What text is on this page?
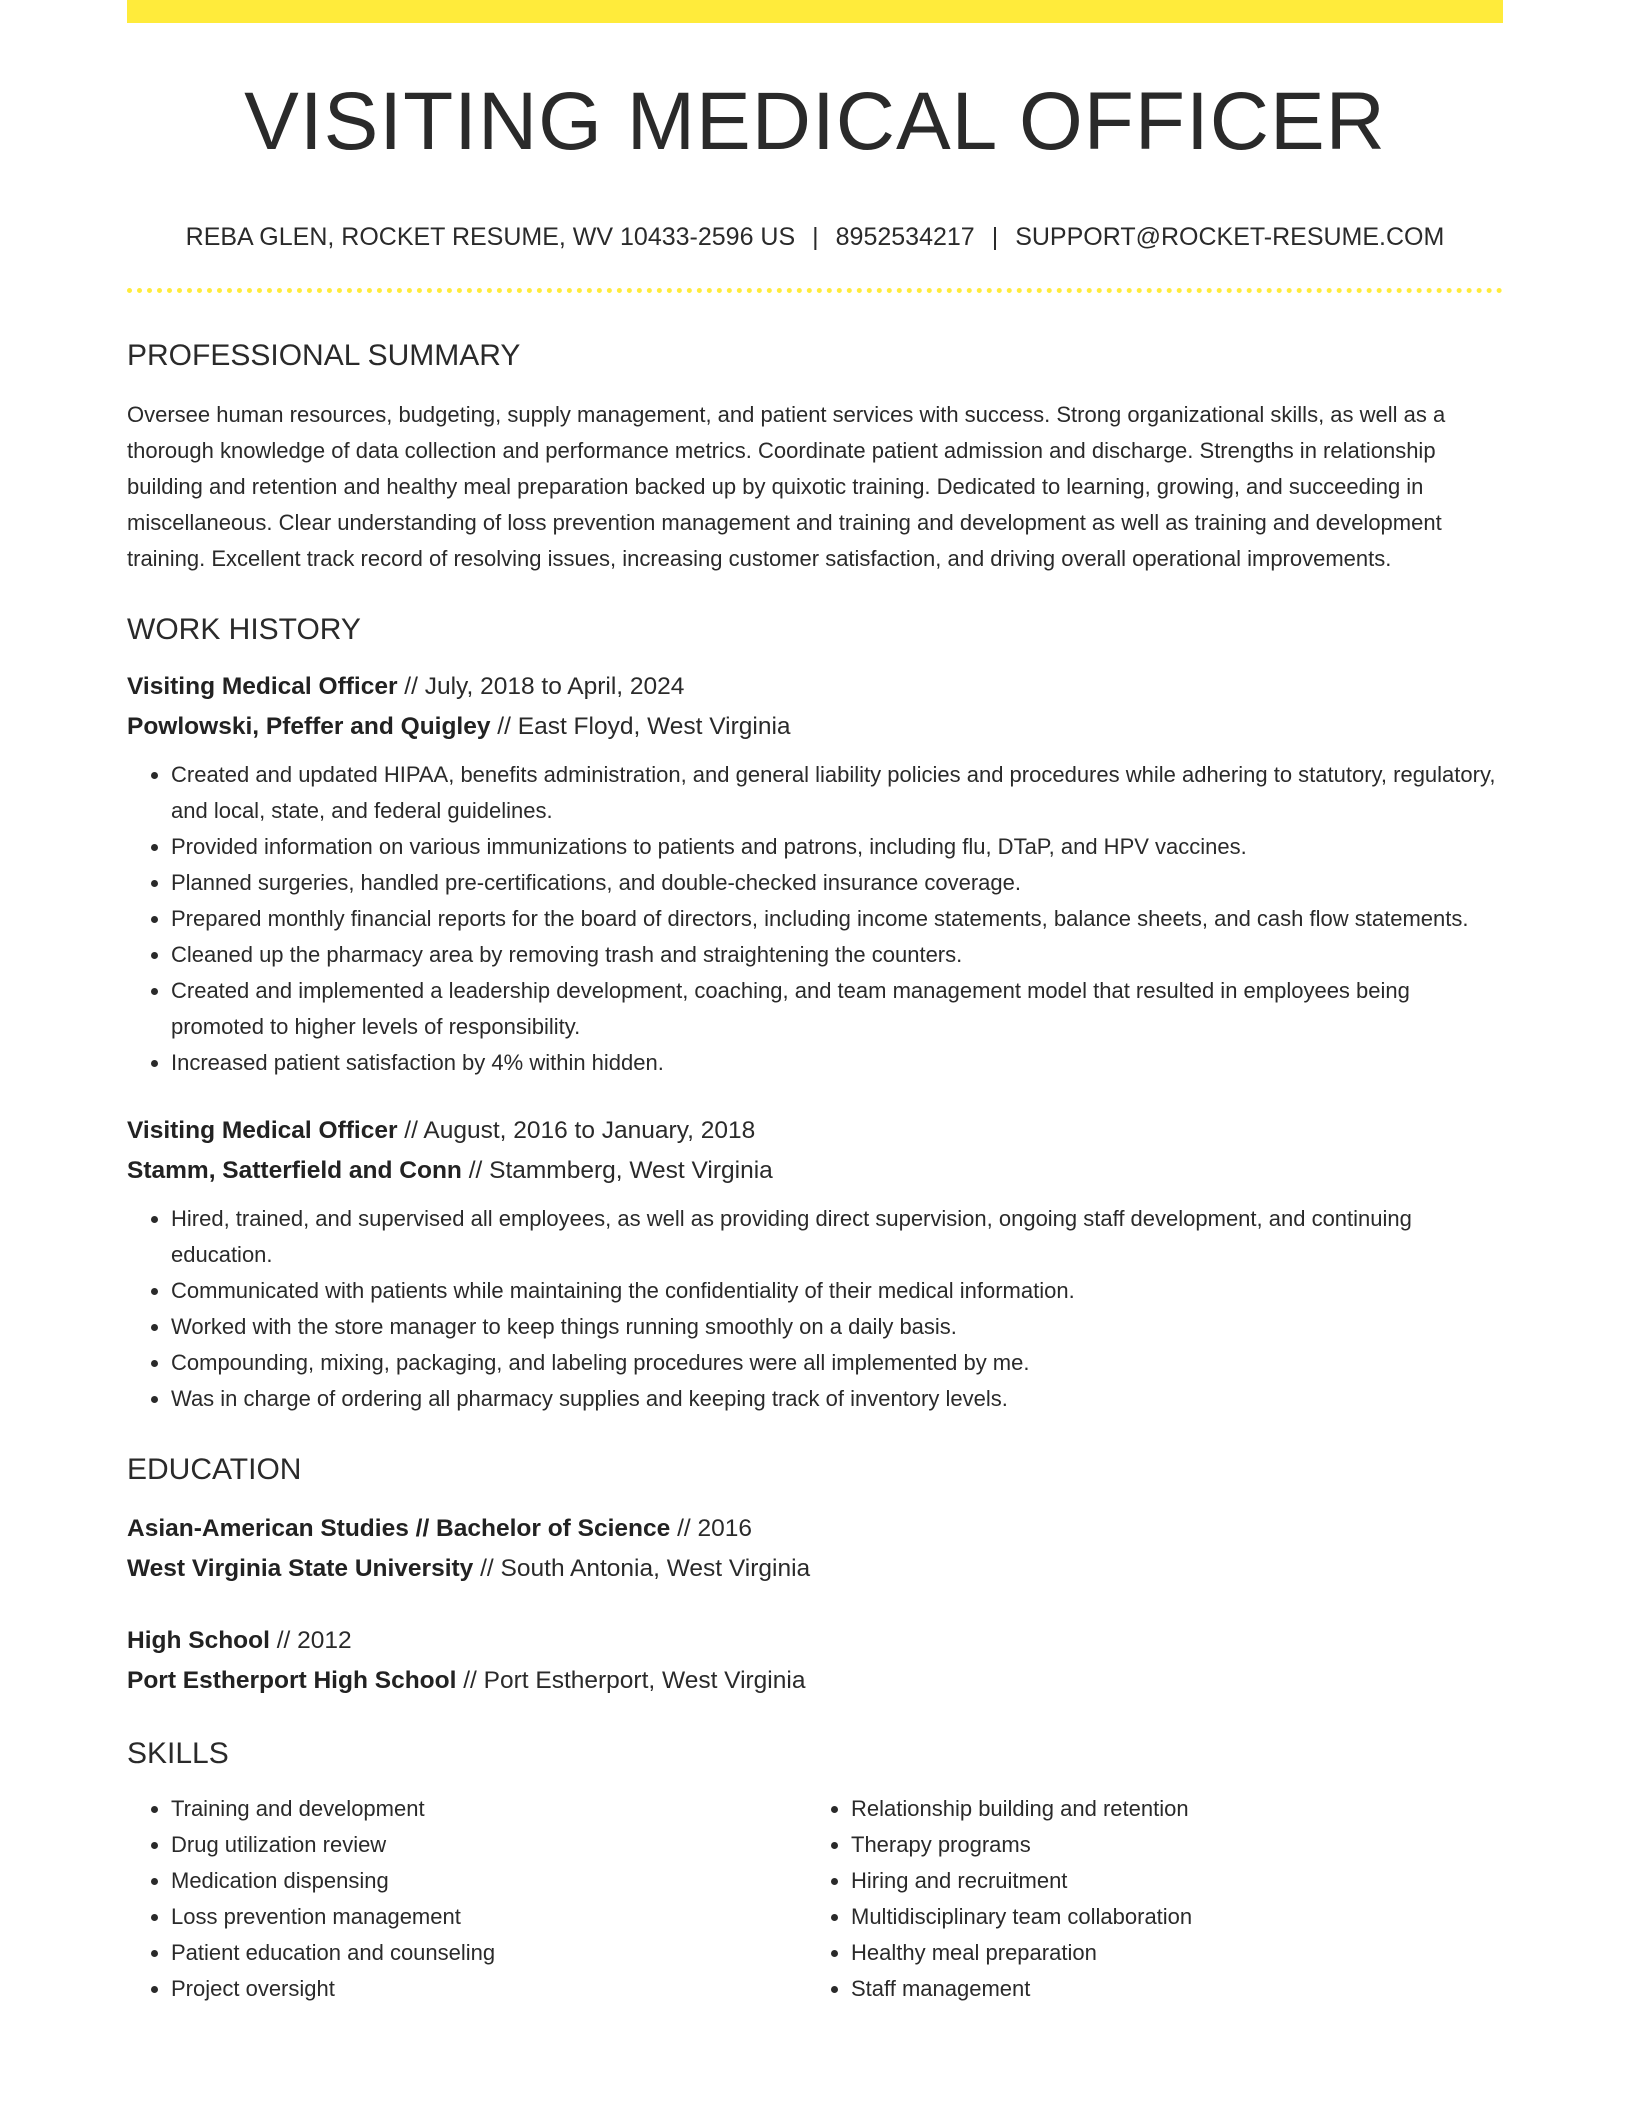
VISITING MEDICAL OFFICER
REBA GLEN, ROCKET RESUME, WV 10433-2596 US | 8952534217 | SUPPORT@ROCKET-RESUME.COM
PROFESSIONAL SUMMARY
Oversee human resources, budgeting, supply management, and patient services with success. Strong organizational skills, as well as a thorough knowledge of data collection and performance metrics. Coordinate patient admission and discharge. Strengths in relationship building and retention and healthy meal preparation backed up by quixotic training. Dedicated to learning, growing, and succeeding in miscellaneous. Clear understanding of loss prevention management and training and development as well as training and development training. Excellent track record of resolving issues, increasing customer satisfaction, and driving overall operational improvements.
WORK HISTORY
Visiting Medical Officer // July, 2018 to April, 2024
Powlowski, Pfeffer and Quigley // East Floyd, West Virginia
• Created and updated HIPAA, benefits administration, and general liability policies and procedures while adhering to statutory, regulatory, and local, state, and federal guidelines.
• Provided information on various immunizations to patients and patrons, including flu, DTaP, and HPV vaccines.
• Planned surgeries, handled pre-certifications, and double-checked insurance coverage.
• Prepared monthly financial reports for the board of directors, including income statements, balance sheets, and cash flow statements.
• Cleaned up the pharmacy area by removing trash and straightening the counters.
• Created and implemented a leadership development, coaching, and team management model that resulted in employees being promoted to higher levels of responsibility.
• Increased patient satisfaction by 4% within hidden.
Visiting Medical Officer // August, 2016 to January, 2018
Stamm, Satterfield and Conn // Stammberg, West Virginia
• Hired, trained, and supervised all employees, as well as providing direct supervision, ongoing staff development, and continuing education.
• Communicated with patients while maintaining the confidentiality of their medical information.
• Worked with the store manager to keep things running smoothly on a daily basis.
• Compounding, mixing, packaging, and labeling procedures were all implemented by me.
• Was in charge of ordering all pharmacy supplies and keeping track of inventory levels.
EDUCATION
Asian-American Studies // Bachelor of Science // 2016
West Virginia State University // South Antonia, West Virginia
High School // 2012
Port Estherport High School // Port Estherport, West Virginia
SKILLS
• Training and development
• Drug utilization review
• Medication dispensing
• Loss prevention management
• Patient education and counseling
• Project oversight
• Relationship building and retention
• Therapy programs
• Hiring and recruitment
• Multidisciplinary team collaboration
• Healthy meal preparation
• Staff management
